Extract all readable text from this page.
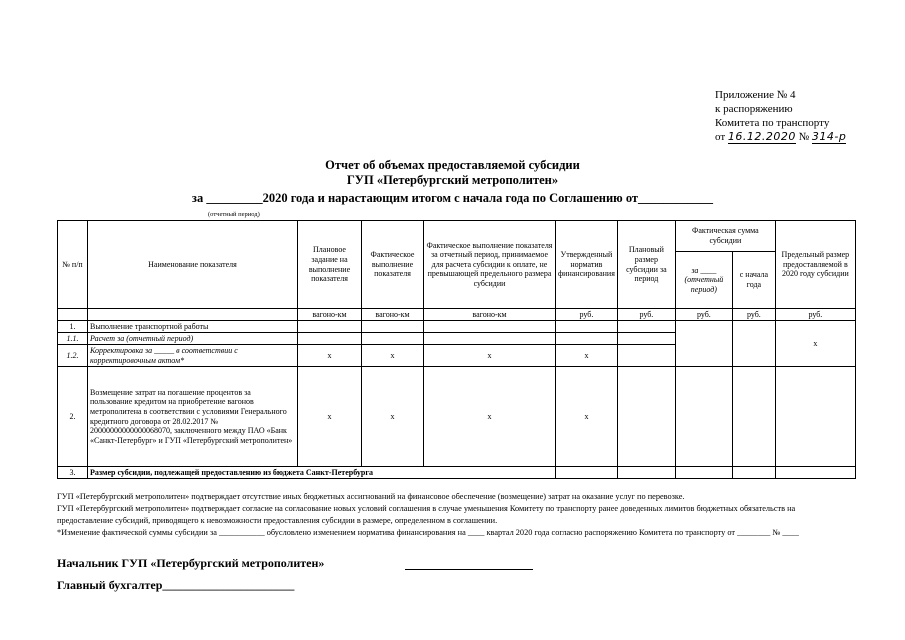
Приложение № 4
к распоряжению
Комитета по транспорту
от 16.12.2020 № 314-р
Отчет об объемах предоставляемой субсидии
ГУП «Петербургский метрополитен»
за _________2020 года и нарастающим итогом с начала года по Соглашению от____________
(отчетный период)
№ п/п	Наименование показателя	Плановое задание на выполнение показателя	Фактическое выполнение показателя	Фактическое выполнение показателя за отчетный период, принимаемое для расчета субсидии к оплате, не превышающей предельного размера субсидии	Утвержденный норматив финансирования	Плановый размер субсидии за период	Фактическая сумма субсидии		Предельный размер предоставляемой в 2020 году субсидии
							за ____ (отчетный период)	с начала года	
		вагоно-км	вагоно-км	вагоно-км	руб.	руб.	руб.	руб.	руб.
1.	Выполнение транспортной работы								x
1.1.	Расчет за (отчетный период)								
1.2.	Корректировка за _____ в соответствии с корректировочным актом*	x	x	x	x				
2.	Возмещение затрат на погашение процентов за пользование кредитом на приобретение вагонов метрополитена в соответствии с условиями Генерального кредитного договора от 28.02.2017 № 20000000000000068070, заключенного между ПАО «Банк «Санкт-Петербург» и ГУП «Петербургский метрополитен»	x	x	x	x				
3.	Размер субсидии, подлежащей предоставлению из бюджета Санкт-Петербурга								
ГУП «Петербургский метрополитен» подтверждает отсутствие иных бюджетных ассигнований на финансовое обеспечение (возмещение) затрат на оказание услуг по перевозке.
ГУП «Петербургский метрополитен» подтверждает согласие на согласование новых условий соглашения в случае уменьшения Комитету по транспорту ранее доведенных лимитов бюджетных обязательств на предоставление субсидий, приводящего к невозможности предоставления субсидии в размере, определенном в соглашении.
*Изменение фактической суммы субсидии за ___________ обусловлено изменением норматива финансирования на ____ квартал 2020 года согласно распоряжению Комитета по транспорту от ________ № ____
Начальник ГУП «Петербургский метрополитен»
Главный бухгалтер______________________
